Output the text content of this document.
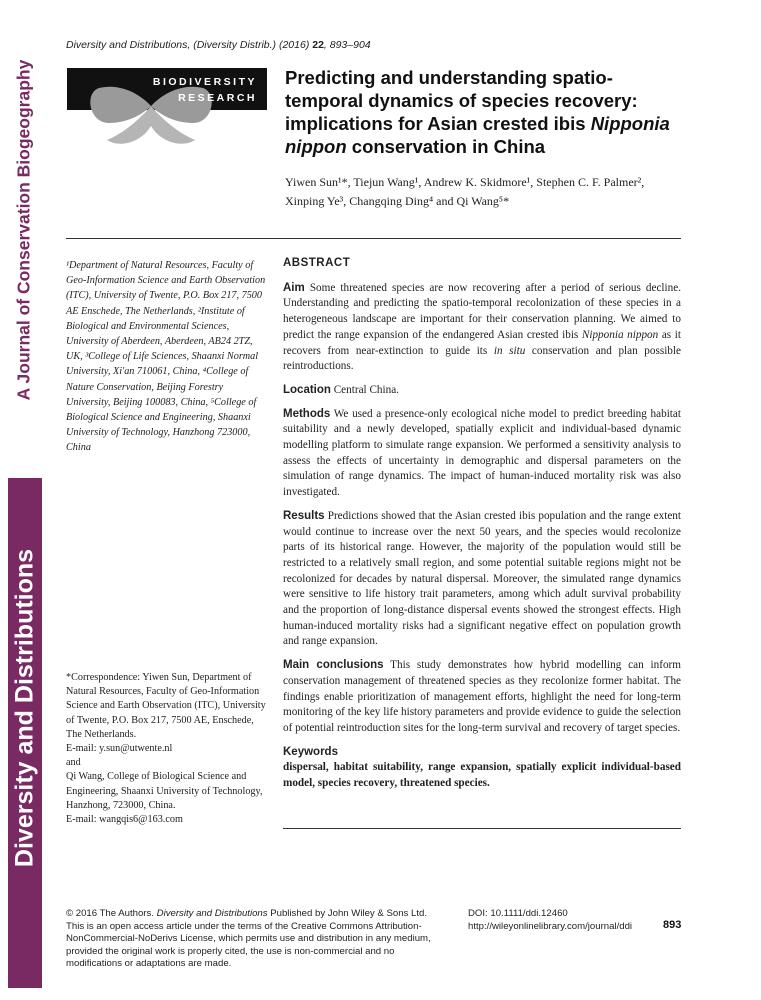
Diversity and Distributions, (Diversity Distrib.) (2016) 22, 893–904
A Journal of Conservation Biogeography
Diversity and Distributions
BIODIVERSITY
RESEARCH
Predicting and understanding spatio-temporal dynamics of species recovery: implications for Asian crested ibis Nipponia nippon conservation in China
Yiwen Sun¹*, Tiejun Wang¹, Andrew K. Skidmore¹, Stephen C. F. Palmer², Xinping Ye³, Changqing Ding⁴ and Qi Wang⁵*
¹Department of Natural Resources, Faculty of Geo-Information Science and Earth Observation (ITC), University of Twente, P.O. Box 217, 7500 AE Enschede, The Netherlands, ²Institute of Biological and Environmental Sciences, University of Aberdeen, Aberdeen, AB24 2TZ, UK, ³College of Life Sciences, Shaanxi Normal University, Xi'an 710061, China, ⁴College of Nature Conservation, Beijing Forestry University, Beijing 100083, China, ⁵College of Biological Science and Engineering, Shaanxi University of Technology, Hanzhong 723000, China
*Correspondence: Yiwen Sun, Department of Natural Resources, Faculty of Geo-Information Science and Earth Observation (ITC), University of Twente, P.O. Box 217, 7500 AE, Enschede, The Netherlands.
E-mail: y.sun@utwente.nl
and
Qi Wang, College of Biological Science and Engineering, Shaanxi University of Technology, Hanzhong, 723000, China.
E-mail: wangqis6@163.com
ABSTRACT

Aim Some threatened species are now recovering after a period of serious decline. Understanding and predicting the spatio-temporal recolonization of these species in a heterogeneous landscape are important for their conservation planning. We aimed to predict the range expansion of the endangered Asian crested ibis Nipponia nippon as it recovers from near-extinction to guide its in situ conservation and plan possible reintroductions.

Location Central China.

Methods We used a presence-only ecological niche model to predict breeding habitat suitability and a newly developed, spatially explicit and individual-based dynamic modelling platform to simulate range expansion. We performed a sensitivity analysis to assess the effects of uncertainty in demographic and dispersal parameters on the simulation of range dynamics. The impact of human-induced mortality risk was also investigated.

Results Predictions showed that the Asian crested ibis population and the range extent would continue to increase over the next 50 years, and the species would recolonize parts of its historical range. However, the majority of the population would still be restricted to a relatively small region, and some potential suitable regions might not be recolonized for decades by natural dispersal. Moreover, the simulated range dynamics were sensitive to life history trait parameters, among which adult survival probability and the proportion of long-distance dispersal events showed the strongest effects. High human-induced mortality risks had a significant negative effect on population growth and range expansion.

Main conclusions This study demonstrates how hybrid modelling can inform conservation management of threatened species as they recolonize former habitat. The findings enable prioritization of management efforts, highlight the need for long-term monitoring of the key life history parameters and provide evidence to guide the selection of potential reintroduction sites for the long-term survival and recovery of target species.

Keywords
dispersal, habitat suitability, range expansion, spatially explicit individual-based model, species recovery, threatened species.
© 2016 The Authors. Diversity and Distributions Published by John Wiley & Sons Ltd. This is an open access article under the terms of the Creative Commons Attribution-NonCommercial-NoDerivs License, which permits use and distribution in any medium, provided the original work is properly cited, the use is non-commercial and no modifications or adaptations are made.
DOI: 10.1111/ddi.12460
http://wileyonlinelibrary.com/journal/ddi	893
